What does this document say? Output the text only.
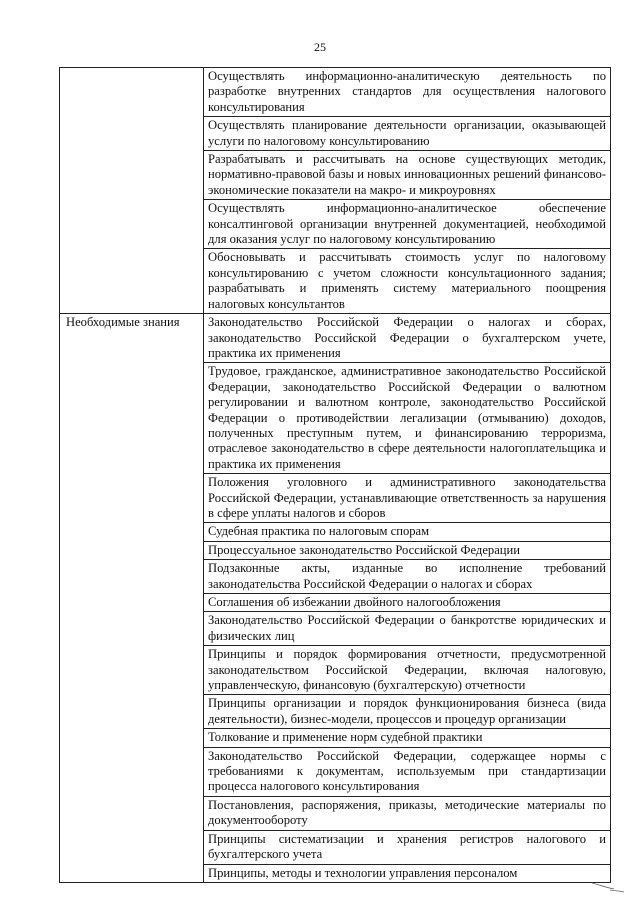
25
	Осуществлять информационно-аналитическую деятельность по разработке внутренних стандартов для осуществления налогового консультирования
	Осуществлять планирование деятельности организации, оказывающей услуги по налоговому консультированию
	Разрабатывать и рассчитывать на основе существующих методик, нормативно-правовой базы и новых инновационных решений финансово-экономические показатели на макро- и микроуровнях
	Осуществлять информационно-аналитическое обеспечение консалтинговой организации внутренней документацией, необходимой для оказания услуг по налоговому консультированию
	Обосновывать и рассчитывать стоимость услуг по налоговому консультированию с учетом сложности консультационного задания; разрабатывать и применять систему материального поощрения налоговых консультантов
Необходимые знания	Законодательство Российской Федерации о налогах и сборах, законодательство Российской Федерации о бухгалтерском учете, практика их применения
	Трудовое, гражданское, административное законодательство Российской Федерации, законодательство Российской Федерации о валютном регулировании и валютном контроле, законодательство Российской Федерации о противодействии легализации (отмыванию) доходов, полученных преступным путем, и финансированию терроризма, отраслевое законодательство в сфере деятельности налогоплательщика и практика их применения
	Положения уголовного и административного законодательства Российской Федерации, устанавливающие ответственность за нарушения в сфере уплаты налогов и сборов
	Судебная практика по налоговым спорам
	Процессуальное законодательство Российской Федерации
	Подзаконные акты, изданные во исполнение требований законодательства Российской Федерации о налогах и сборах
	Соглашения об избежании двойного налогообложения
	Законодательство Российской Федерации о банкротстве юридических и физических лиц
	Принципы и порядок формирования отчетности, предусмотренной законодательством Российской Федерации, включая налоговую, управленческую, финансовую (бухгалтерскую) отчетности
	Принципы организации и порядок функционирования бизнеса (вида деятельности), бизнес-модели, процессов и процедур организации
	Толкование и применение норм судебной практики
	Законодательство Российской Федерации, содержащее нормы с требованиями к документам, используемым при стандартизации процесса налогового консультирования
	Постановления, распоряжения, приказы, методические материалы по документообороту
	Принципы систематизации и хранения регистров налогового и бухгалтерского учета
	Принципы, методы и технологии управления персоналом
